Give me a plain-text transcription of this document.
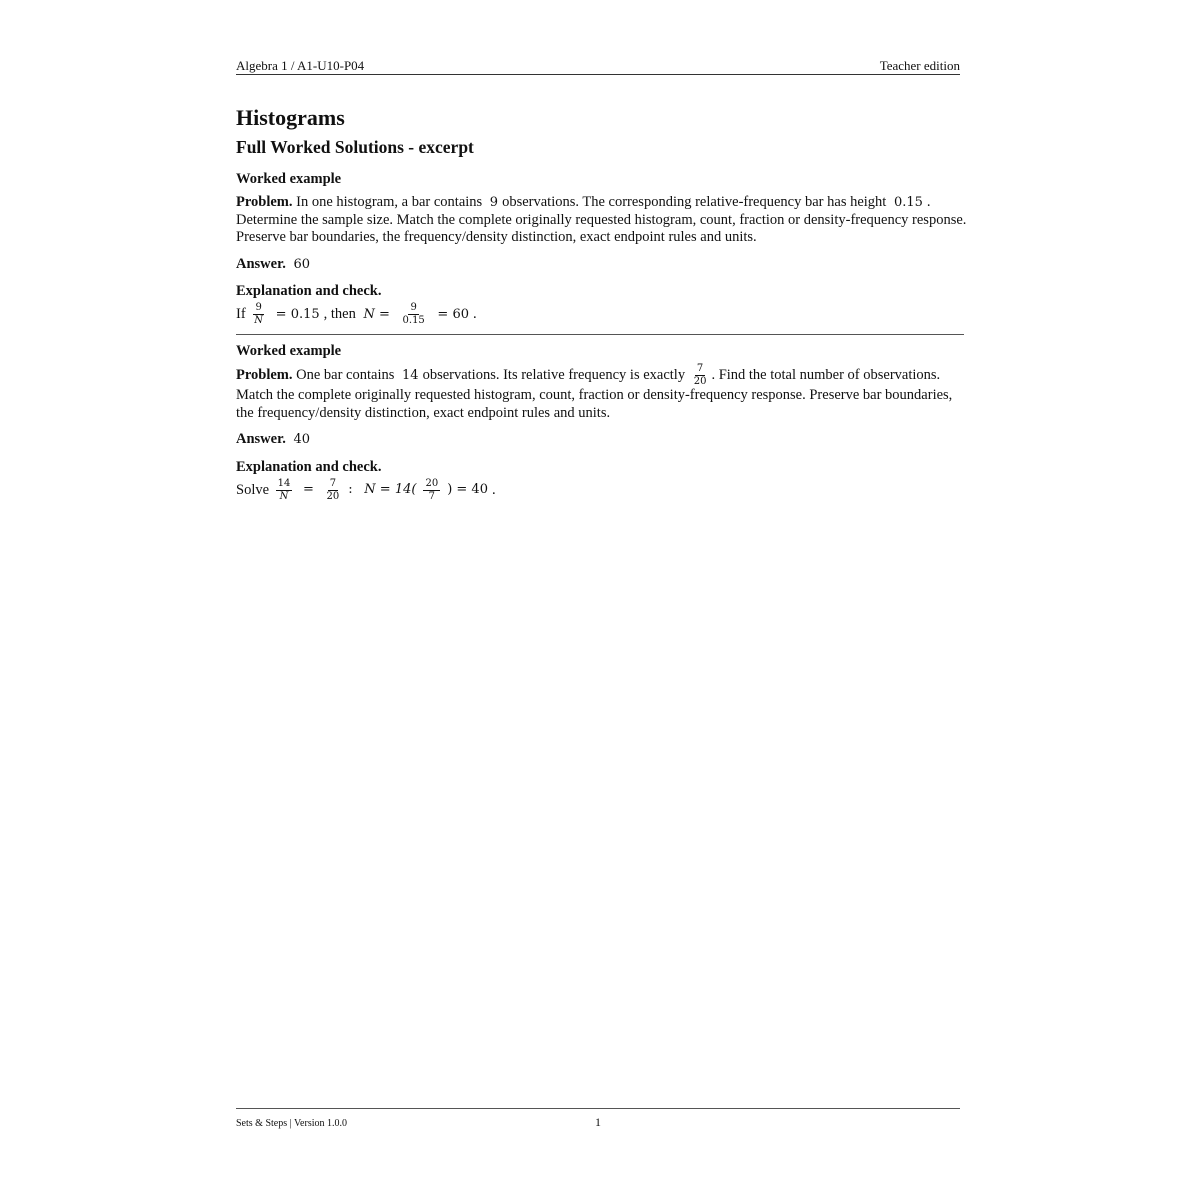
Algebra 1 / A1-U10-P04	Teacher edition
Histograms
Full Worked Solutions - excerpt
Worked example

Problem. In one histogram, a bar contains 9 observations. The corresponding relative-frequency bar has height 0.15 . Determine the sample size. Match the complete originally requested histogram, count, fraction or density-frequency response. Preserve bar boundaries, the frequency/density distinction, exact endpoint rules and units.

Answer. 60

Explanation and check.

If $\frac{9}{N} = 0.15$ , then $N = \frac{9}{0.15} = 60$ .

Worked example

Problem. One bar contains 14 observations. Its relative frequency is exactly $\frac{7}{20}$ . Find the total number of observations. Match the complete originally requested histogram, count, fraction or density-frequency response. Preserve bar boundaries, the frequency/density distinction, exact endpoint rules and units.

Answer. 40

Explanation and check.

Solve $\frac{14}{N} = \frac{7}{20}$ : $N = 14( \frac{20}{7}$ ) = 40 .

Sets & Steps | Version 1.0.0	1
